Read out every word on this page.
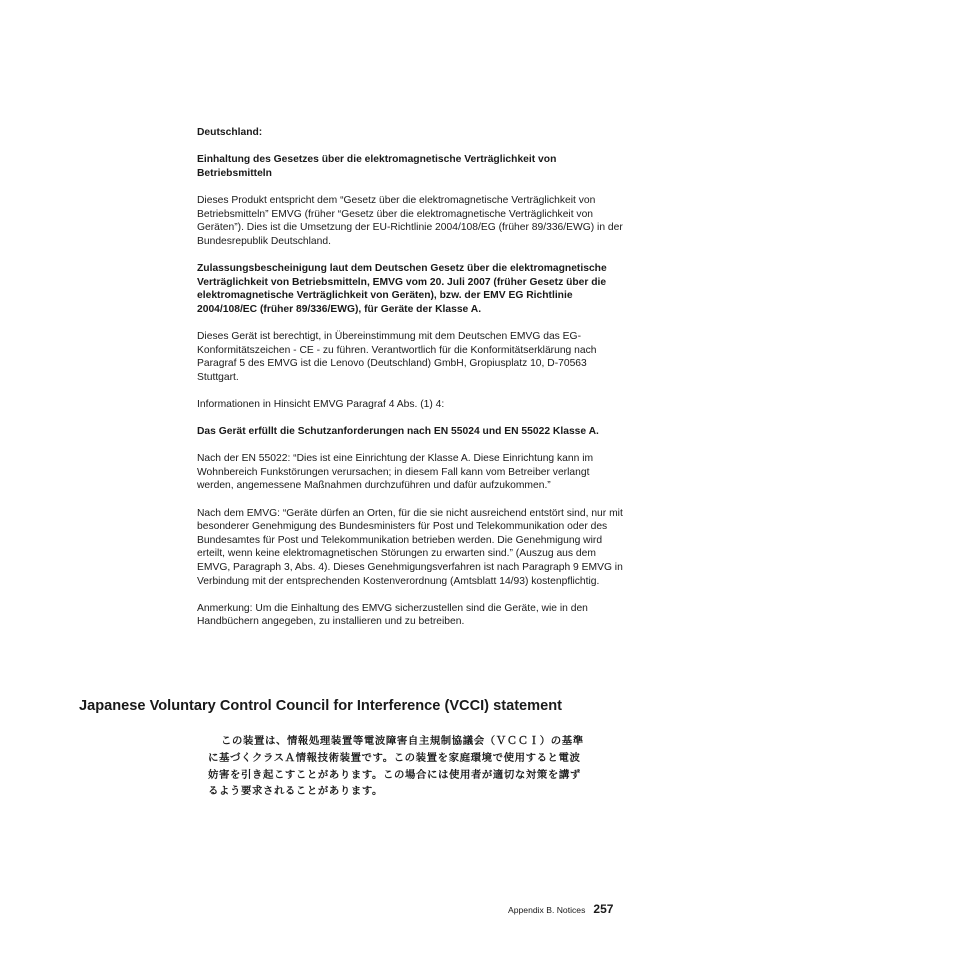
Deutschland:

Einhaltung des Gesetzes über die elektromagnetische Verträglichkeit von Betriebsmitteln

Dieses Produkt entspricht dem “Gesetz über die elektromagnetische Verträglichkeit von Betriebsmitteln” EMVG (früher “Gesetz über die elektromagnetische Verträglichkeit von Geräten”). Dies ist die Umsetzung der EU-Richtlinie 2004/108/EG (früher 89/336/EWG) in der Bundesrepublik Deutschland.

Zulassungsbescheinigung laut dem Deutschen Gesetz über die elektromagnetische Verträglichkeit von Betriebsmitteln, EMVG vom 20. Juli 2007 (früher Gesetz über die elektromagnetische Verträglichkeit von Geräten), bzw. der EMV EG Richtlinie 2004/108/EC (früher 89/336/EWG), für Geräte der Klasse A.

Dieses Gerät ist berechtigt, in Übereinstimmung mit dem Deutschen EMVG das EG-Konformitätszeichen - CE - zu führen. Verantwortlich für die Konformitätserklärung nach Paragraf 5 des EMVG ist die Lenovo (Deutschland) GmbH, Gropiusplatz 10, D-70563 Stuttgart.

Informationen in Hinsicht EMVG Paragraf 4 Abs. (1) 4:

Das Gerät erfüllt die Schutzanforderungen nach EN 55024 und EN 55022 Klasse A.

Nach der EN 55022: “Dies ist eine Einrichtung der Klasse A. Diese Einrichtung kann im Wohnbereich Funkstörungen verursachen; in diesem Fall kann vom Betreiber verlangt werden, angemessene Maßnahmen durchzuführen und dafür aufzukommen.”

Nach dem EMVG: “Geräte dürfen an Orten, für die sie nicht ausreichend entstört sind, nur mit besonderer Genehmigung des Bundesministers für Post und Telekommunikation oder des Bundesamtes für Post und Telekommunikation betrieben werden. Die Genehmigung wird erteilt, wenn keine elektromagnetischen Störungen zu erwarten sind.” (Auszug aus dem EMVG, Paragraph 3, Abs. 4). Dieses Genehmigungsverfahren ist nach Paragraph 9 EMVG in Verbindung mit der entsprechenden Kostenverordnung (Amtsblatt 14/93) kostenpflichtig.

Anmerkung: Um die Einhaltung des EMVG sicherzustellen sind die Geräte, wie in den Handbüchern angegeben, zu installieren und zu betreiben.

Japanese Voluntary Control Council for Interference (VCCI) statement
この装置は、情報処理装置等電波障害自主規制協議会（ＶＣＣＩ）の基準
に基づくクラスＡ情報技術装置です。この装置を家庭環境で使用すると電波
妨害を引き起こすことがあります。この場合には使用者が適切な対策を講ず
るよう要求されることがあります。
Appendix B. Notices 257
